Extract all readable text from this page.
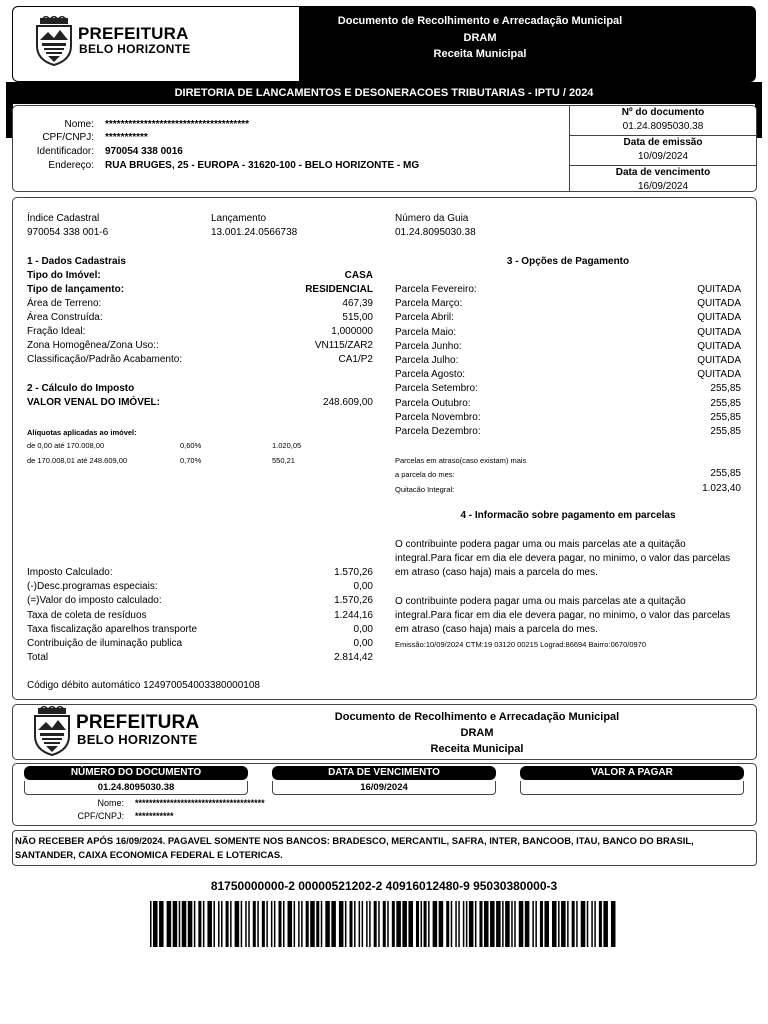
PREFEITURA
BELO HORIZONTE
Documento de Recolhimento e Arrecadação Municipal
DRAM
Receita Municipal
DIRETORIA DE LANCAMENTOS E DESONERACOES TRIBUTARIAS - IPTU / 2024
Nome: *************************************
CPF/CNPJ: ***********
Identificador: 970054 338 0016
Endereço: RUA BRUGES, 25 - EUROPA - 31620-100 - BELO HORIZONTE - MG
Nº do documento
01.24.8095030.38
Data de emissão
10/09/2024
Data de vencimento
16/09/2024
Índice Cadastral
970054 338 001-6
Lançamento
13.001.24.0566738
Número da Guia
01.24.8095030.38
1 - Dados Cadastrais
Tipo do Imóvel:	CASA
Tipo de lançamento:	RESIDENCIAL
Área de Terreno:	467,39
Área Construída:	515,00
Fração Ideal:	1,000000
Zona Homogênea/Zona Uso::	VN115/ZAR2
Classificação/Padrão Acabamento:	CA1/P2
2 - Cálculo do Imposto
VALOR VENAL DO IMÓVEL:	248.609,00
Alíquotas aplicadas ao imóvel:
de 0,00 até 170.008,00	0,60%	1.020,05
de 170.008,01 até 248.609,00	0,70%	550,21
Imposto Calculado:	1.570,26
(-)Desc.programas especiais:	0,00
(=)Valor do imposto calculado:	1.570,26
Taxa de coleta de resíduos	1.244,16
Taxa fiscalização aparelhos transporte	0,00
Contribuição de iluminação publica	0,00
Total	2.814,42
Código débito automático 124970054003380000108
3 - Opções de Pagamento
Parcela Fevereiro:	QUITADA
Parcela Março:	QUITADA
Parcela Abril:	QUITADA
Parcela Maio:	QUITADA
Parcela Junho:	QUITADA
Parcela Julho:	QUITADA
Parcela Agosto:	QUITADA
Parcela Setembro:	255,85
Parcela Outubro:	255,85
Parcela Novembro:	255,85
Parcela Dezembro:	255,85
Parcelas em atraso(caso existam) mais
a parcela do mes:	255,85
Quitacão Integral:	1.023,40
4 - Informacão sobre pagamento em parcelas
O contribuinte podera pagar uma ou mais parcelas ate a quitação
integral.Para ficar em dia ele devera pagar, no minimo, o valor das parcelas
em atraso (caso haja) mais a parcela do mes.
O contribuinte podera pagar uma ou mais parcelas ate a quitação
integral.Para ficar em dia ele devera pagar, no minimo, o valor das parcelas
em atraso (caso haja) mais a parcela do mes.
Emissão:10/09/2024 CTM:19 03120 00215 Lograd:86694 Bairro:0670/0970
PREFEITURA
BELO HORIZONTE
Documento de Recolhimento e Arrecadação Municipal
DRAM
Receita Municipal
NÚMERO DO DOCUMENTO
01.24.8095030.38
DATA DE VENCIMENTO
16/09/2024
VALOR A PAGAR
Nome: *************************************
CPF/CNPJ: ***********
NÃO RECEBER APÓS 16/09/2024. PAGAVEL SOMENTE NOS BANCOS: BRADESCO, MERCANTIL, SAFRA, INTER, BANCOOB, ITAU, BANCO DO BRASIL,
SANTANDER, CAIXA ECONOMICA FEDERAL E LOTERICAS.
81750000000-2 00000521202-2 40916012480-9 95030380000-3
